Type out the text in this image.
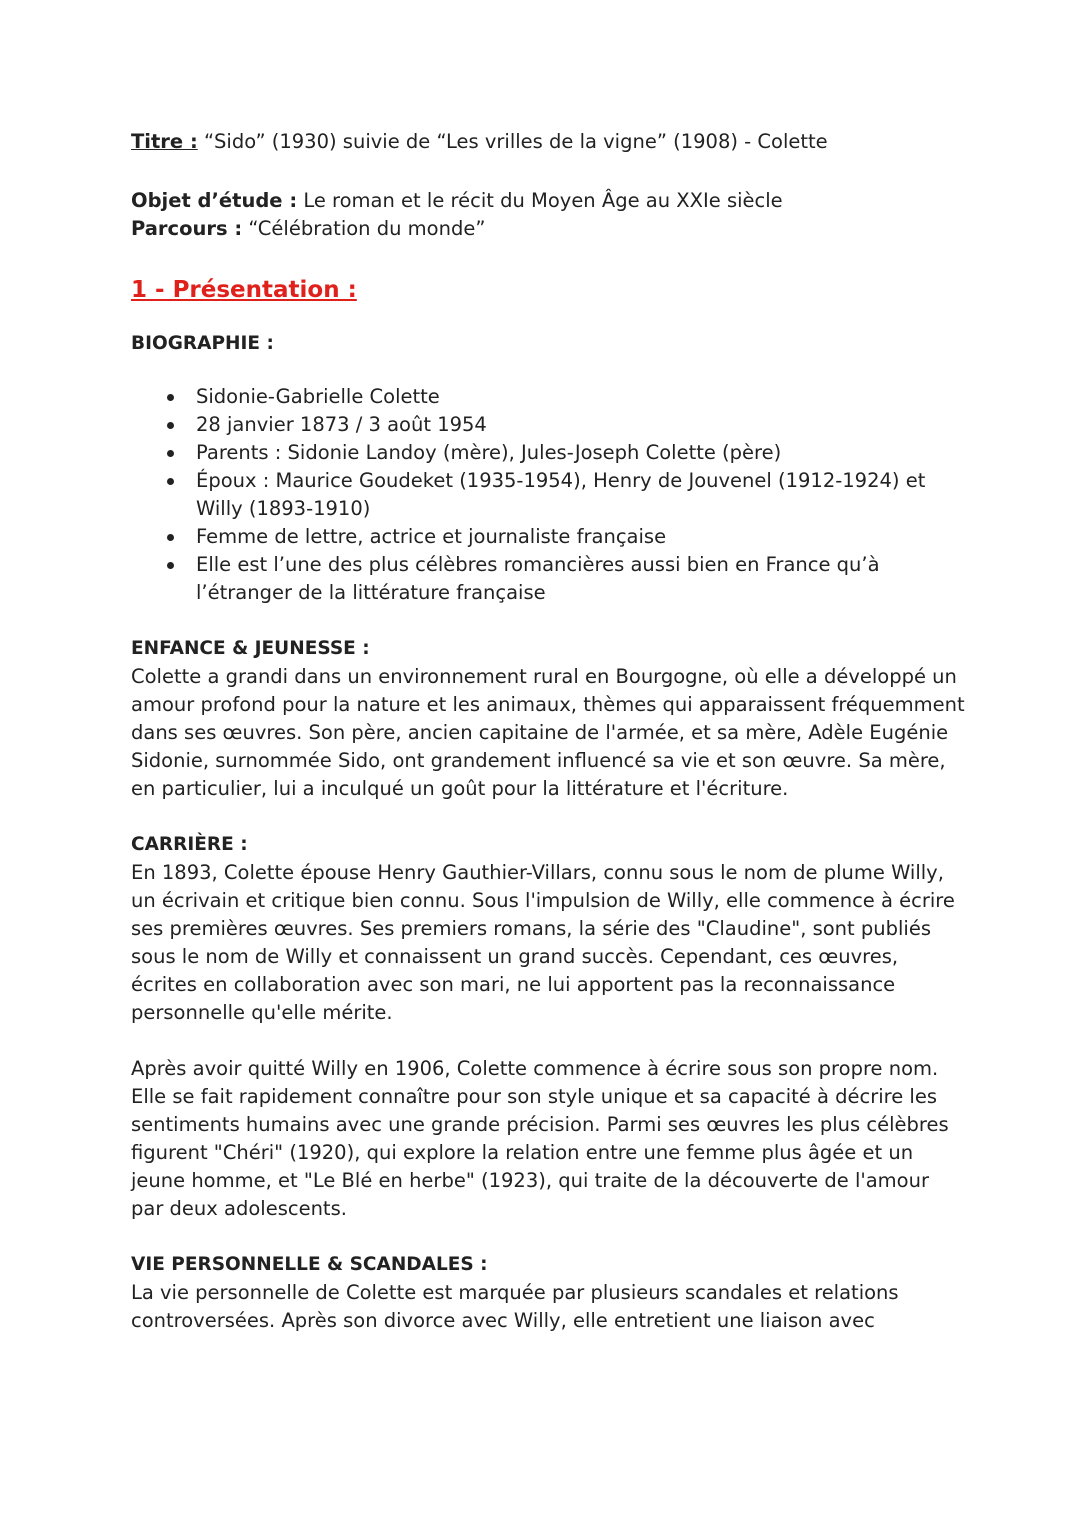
Titre : “Sido” (1930) suivie de “Les vrilles de la vigne” (1908) - Colette

Objet d’étude : Le roman et le récit du Moyen Âge au XXIe siècle

Parcours : “Célébration du monde”

1 - Présentation :

BIOGRAPHIE :

Sidonie-Gabrielle Colette
28 janvier 1873 / 3 août 1954
Parents : Sidonie Landoy (mère), Jules-Joseph Colette (père)
Époux : Maurice Goudeket (1935-1954), Henry de Jouvenel (1912-1924) et Willy (1893-1910)
Femme de lettre, actrice et journaliste française
Elle est l’une des plus célèbres romancières aussi bien en France qu’à l’étranger de la littérature française

ENFANCE & JEUNESSE :

Colette a grandi dans un environnement rural en Bourgogne, où elle a développé un amour profond pour la nature et les animaux, thèmes qui apparaissent fréquemment dans ses œuvres. Son père, ancien capitaine de l'armée, et sa mère, Adèle Eugénie Sidonie, surnommée Sido, ont grandement influencé sa vie et son œuvre. Sa mère, en particulier, lui a inculqué un goût pour la littérature et l'écriture.

CARRIÈRE :

En 1893, Colette épouse Henry Gauthier-Villars, connu sous le nom de plume Willy, un écrivain et critique bien connu. Sous l'impulsion de Willy, elle commence à écrire ses premières œuvres. Ses premiers romans, la série des "Claudine", sont publiés sous le nom de Willy et connaissent un grand succès. Cependant, ces œuvres, écrites en collaboration avec son mari, ne lui apportent pas la reconnaissance personnelle qu'elle mérite.

Après avoir quitté Willy en 1906, Colette commence à écrire sous son propre nom. Elle se fait rapidement connaître pour son style unique et sa capacité à décrire les sentiments humains avec une grande précision. Parmi ses œuvres les plus célèbres figurent "Chéri" (1920), qui explore la relation entre une femme plus âgée et un jeune homme, et "Le Blé en herbe" (1923), qui traite de la découverte de l'amour par deux adolescents.

VIE PERSONNELLE & SCANDALES :

La vie personnelle de Colette est marquée par plusieurs scandales et relations controversées. Après son divorce avec Willy, elle entretient une liaison avec
